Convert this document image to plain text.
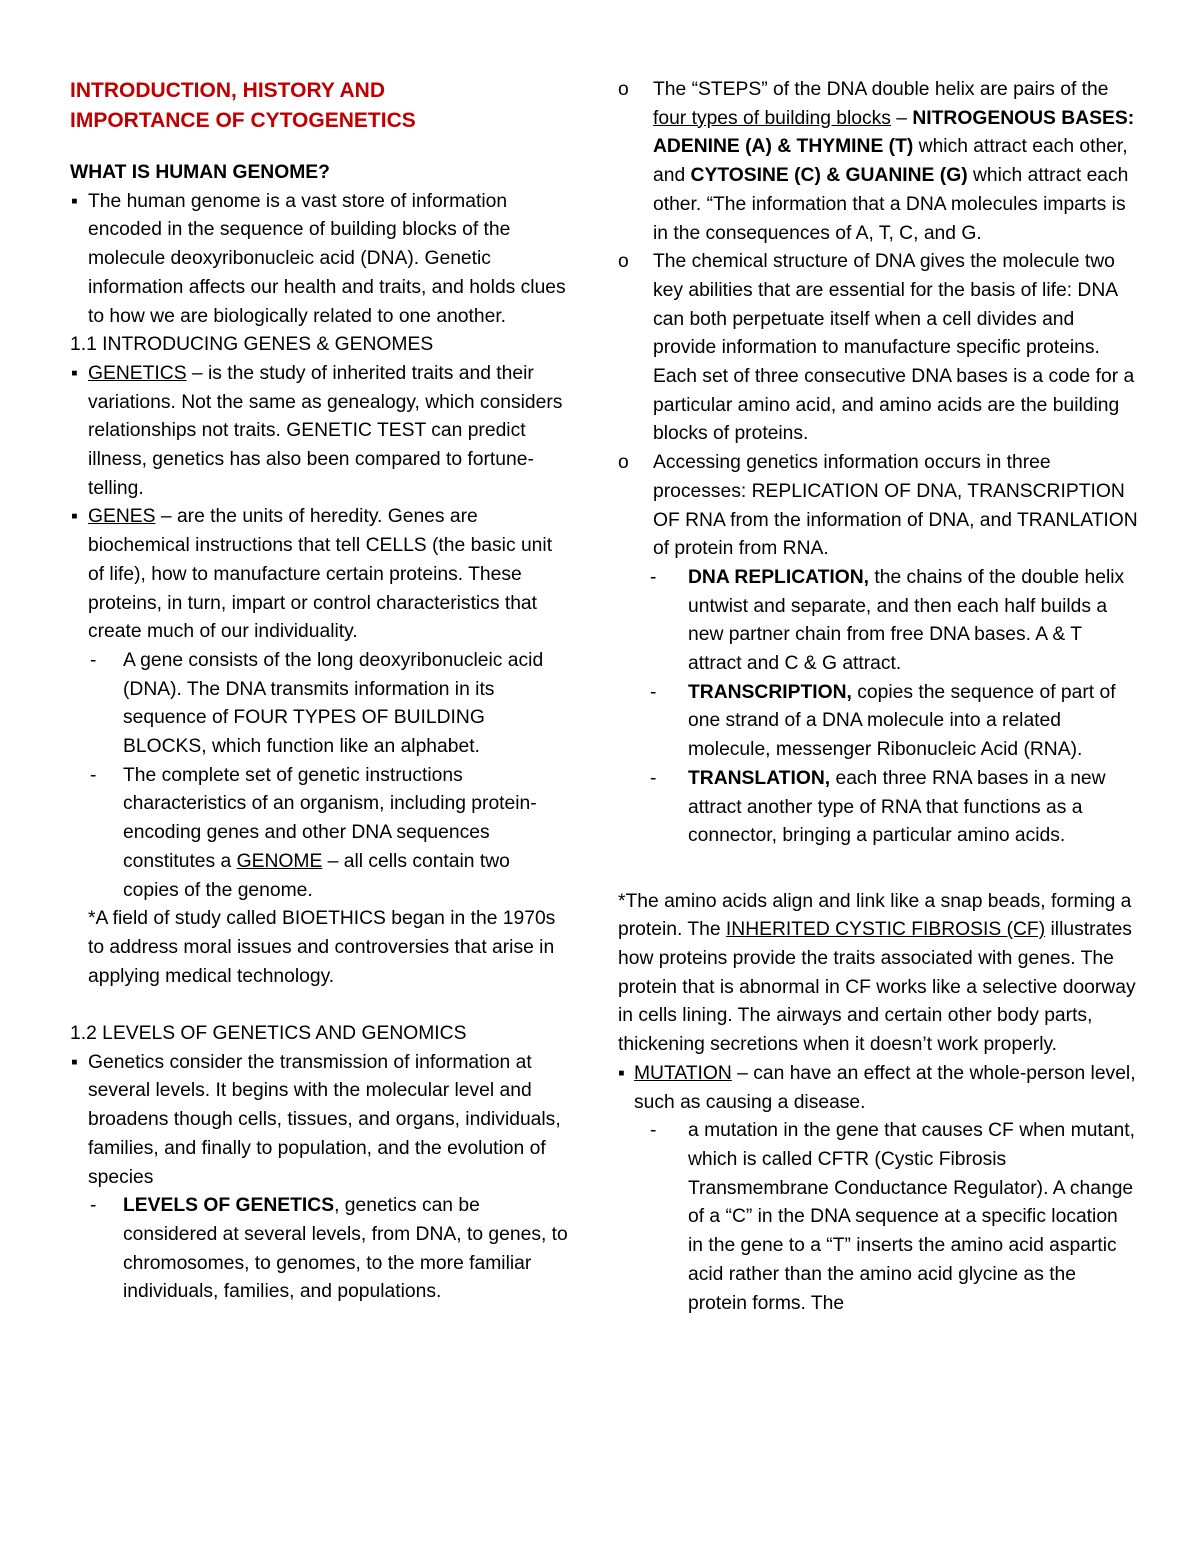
INTRODUCTION, HISTORY AND
IMPORTANCE OF CYTOGENETICS

WHAT IS HUMAN GENOME?

▪ The human genome is a vast store of information encoded in the sequence of building blocks of the molecule deoxyribonucleic acid (DNA). Genetic information affects our health and traits, and holds clues to how we are biologically related to one another.

1.1 INTRODUCING GENES & GENOMES

▪ GENETICS – is the study of inherited traits and their variations. Not the same as genealogy, which considers relationships not traits. GENETIC TEST can predict illness, genetics has also been compared to fortune-telling.

▪ GENES – are the units of heredity. Genes are biochemical instructions that tell CELLS (the basic unit of life), how to manufacture certain proteins. These proteins, in turn, impart or control characteristics that create much of our individuality.

- A gene consists of the long deoxyribonucleic acid (DNA). The DNA transmits information in its sequence of FOUR TYPES OF BUILDING BLOCKS, which function like an alphabet.

- The complete set of genetic instructions characteristics of an organism, including protein-encoding genes and other DNA sequences constitutes a GENOME – all cells contain two copies of the genome.

*A field of study called BIOETHICS began in the 1970s to address moral issues and controversies that arise in applying medical technology.

1.2 LEVELS OF GENETICS AND GENOMICS

▪ Genetics consider the transmission of information at several levels. It begins with the molecular level and broadens though cells, tissues, and organs, individuals, families, and finally to population, and the evolution of species

- LEVELS OF GENETICS, genetics can be considered at several levels, from DNA, to genes, to chromosomes, to genomes, to the more familiar individuals, families, and populations.

o The “STEPS” of the DNA double helix are pairs of the four types of building blocks – NITROGENOUS BASES: ADENINE (A) & THYMINE (T) which attract each other, and CYTOSINE (C) & GUANINE (G) which attract each other. “The information that a DNA molecules imparts is in the consequences of A, T, C, and G.

o The chemical structure of DNA gives the molecule two key abilities that are essential for the basis of life: DNA can both perpetuate itself when a cell divides and provide information to manufacture specific proteins. Each set of three consecutive DNA bases is a code for a particular amino acid, and amino acids are the building blocks of proteins.

o Accessing genetics information occurs in three processes: REPLICATION OF DNA, TRANSCRIPTION OF RNA from the information of DNA, and TRANLATION of protein from RNA.

- DNA REPLICATION, the chains of the double helix untwist and separate, and then each half builds a new partner chain from free DNA bases. A & T attract and C & G attract.

- TRANSCRIPTION, copies the sequence of part of one strand of a DNA molecule into a related molecule, messenger Ribonucleic Acid (RNA).

- TRANSLATION, each three RNA bases in a new attract another type of RNA that functions as a connector, bringing a particular amino acids.

*The amino acids align and link like a snap beads, forming a protein. The INHERITED CYSTIC FIBROSIS (CF) illustrates how proteins provide the traits associated with genes. The protein that is abnormal in CF works like a selective doorway in cells lining. The airways and certain other body parts, thickening secretions when it doesn’t work properly.

▪ MUTATION – can have an effect at the whole-person level, such as causing a disease.

- a mutation in the gene that causes CF when mutant, which is called CFTR (Cystic Fibrosis Transmembrane Conductance Regulator). A change of a “C” in the DNA sequence at a specific location in the gene to a “T” inserts the amino acid aspartic acid rather than the amino acid glycine as the protein forms. The
